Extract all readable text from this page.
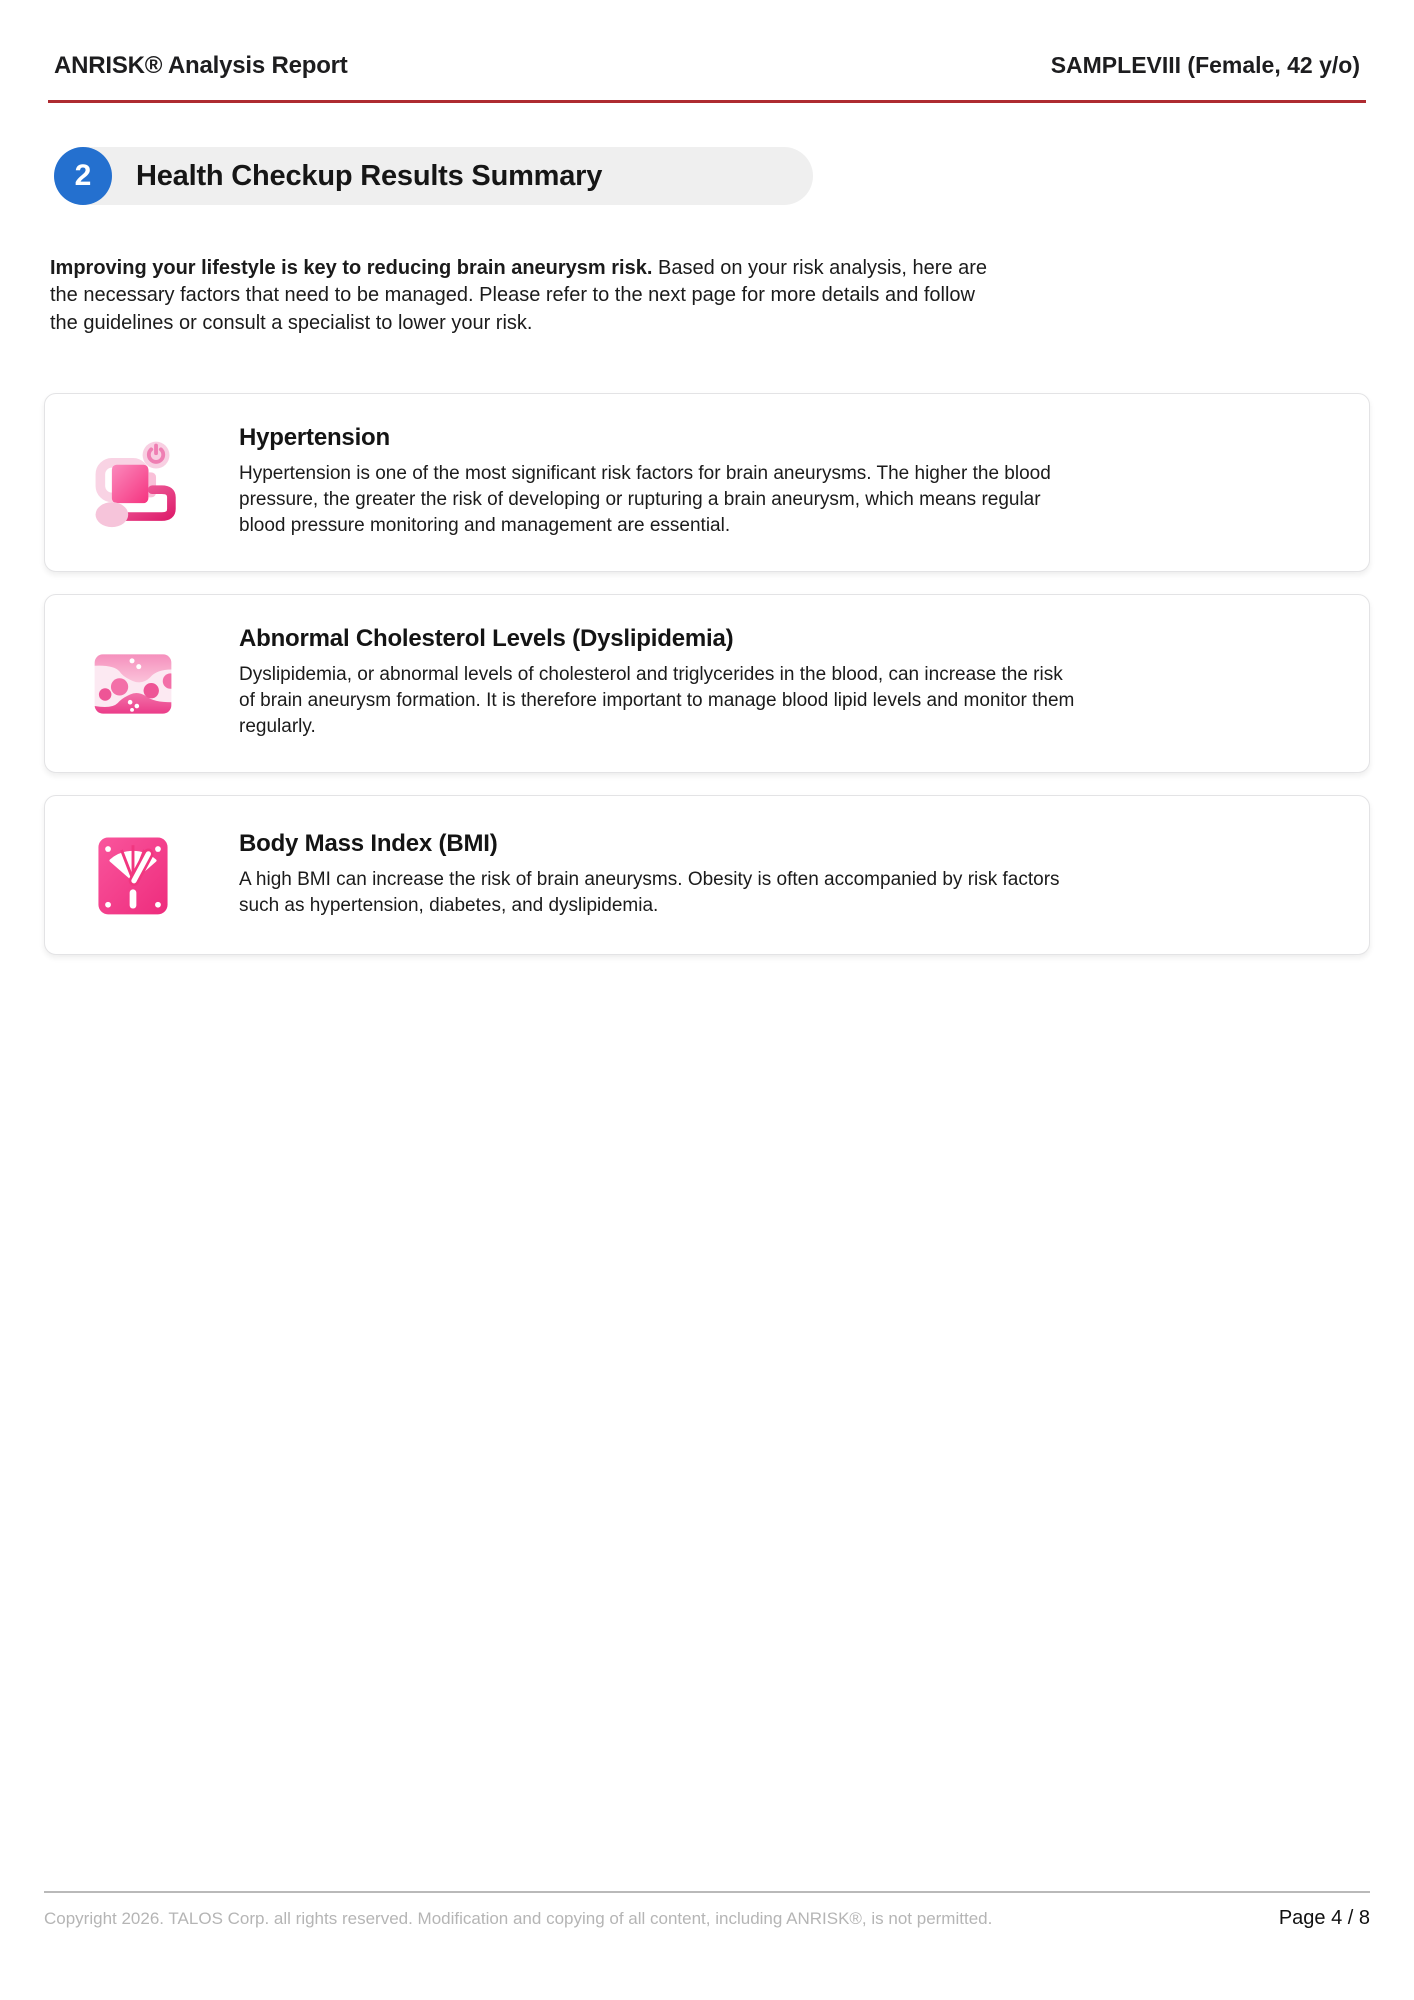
ANRISK® Analysis Report	SAMPLEVIII (Female, 42 y/o)
2	Health Checkup Results Summary

Improving your lifestyle is key to reducing brain aneurysm risk. Based on your risk analysis, here are the necessary factors that need to be managed. Please refer to the next page for more details and follow the guidelines or consult a specialist to lower your risk.

Hypertension

Hypertension is one of the most significant risk factors for brain aneurysms. The higher the blood pressure, the greater the risk of developing or rupturing a brain aneurysm, which means regular blood pressure monitoring and management are essential.

Abnormal Cholesterol Levels (Dyslipidemia)

Dyslipidemia, or abnormal levels of cholesterol and triglycerides in the blood, can increase the risk of brain aneurysm formation. It is therefore important to manage blood lipid levels and monitor them regularly.

Body Mass Index (BMI)

A high BMI can increase the risk of brain aneurysms. Obesity is often accompanied by risk factors such as hypertension, diabetes, and dyslipidemia.

Copyright 2026. TALOS Corp. all rights reserved. Modification and copying of all content, including ANRISK®, is not permitted.	Page 4 / 8
